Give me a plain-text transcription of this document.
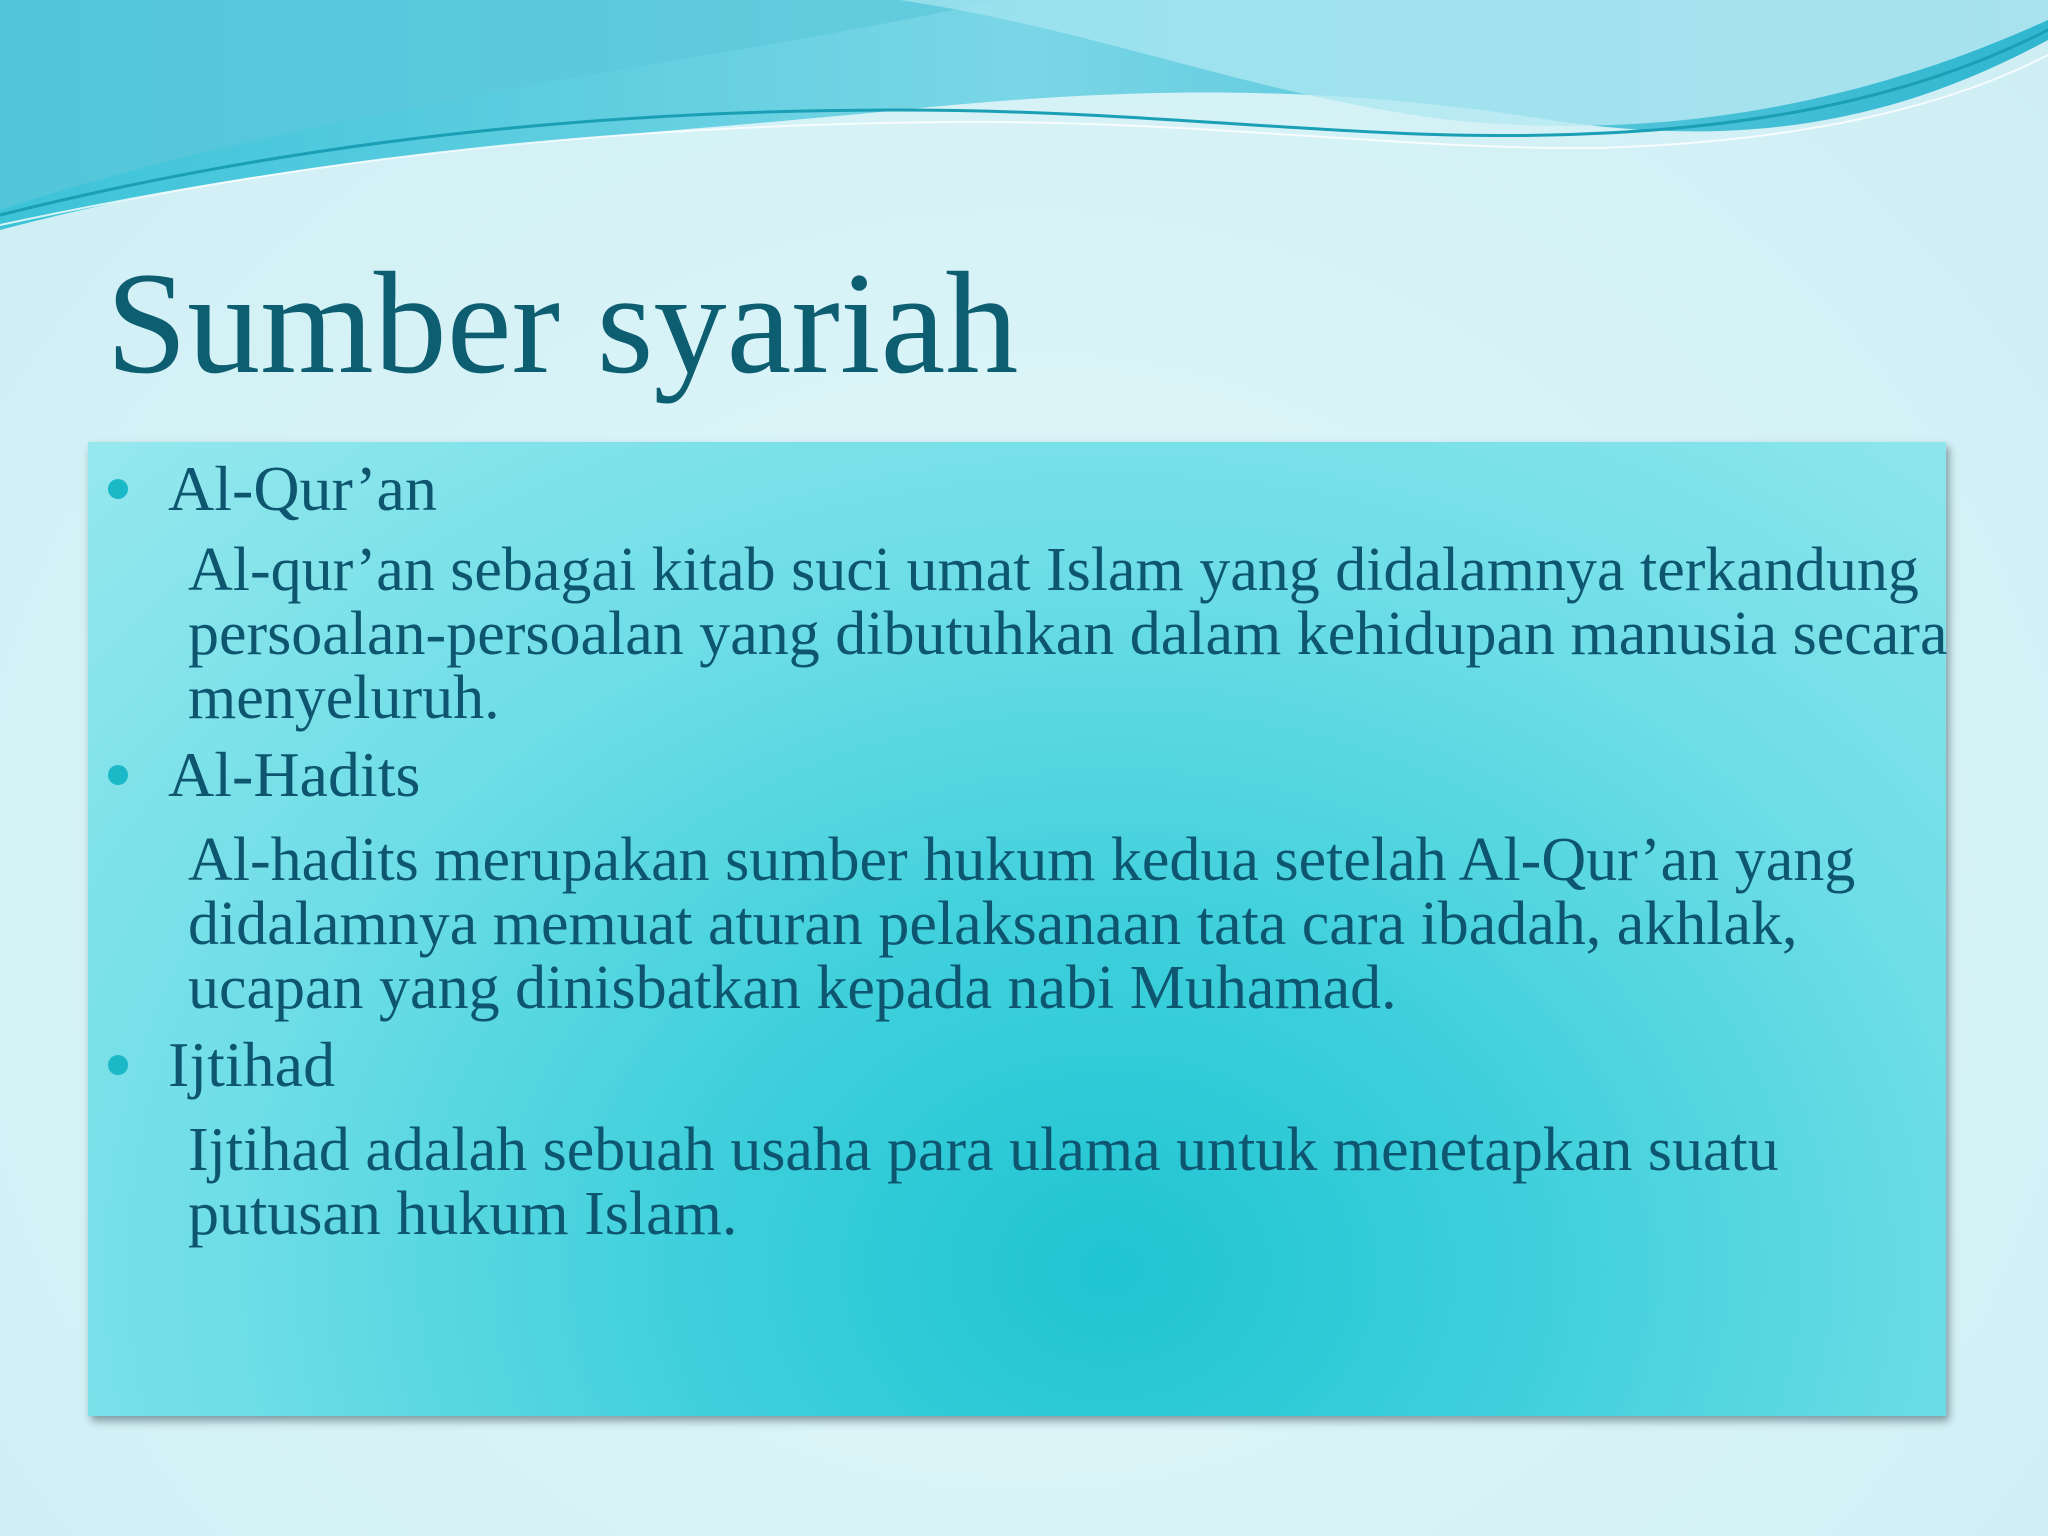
Sumber syariah
Al-Qur’an

Al-qur’an sebagai kitab suci umat Islam yang didalamnya terkandung persoalan-persoalan yang dibutuhkan dalam kehidupan manusia secara menyeluruh.

Al-Hadits

Al-hadits merupakan sumber hukum kedua setelah Al-Qur’an yang didalamnya memuat aturan pelaksanaan tata cara ibadah, akhlak, ucapan yang dinisbatkan kepada nabi Muhamad.

Ijtihad

Ijtihad adalah sebuah usaha para ulama untuk menetapkan suatu putusan hukum Islam.
